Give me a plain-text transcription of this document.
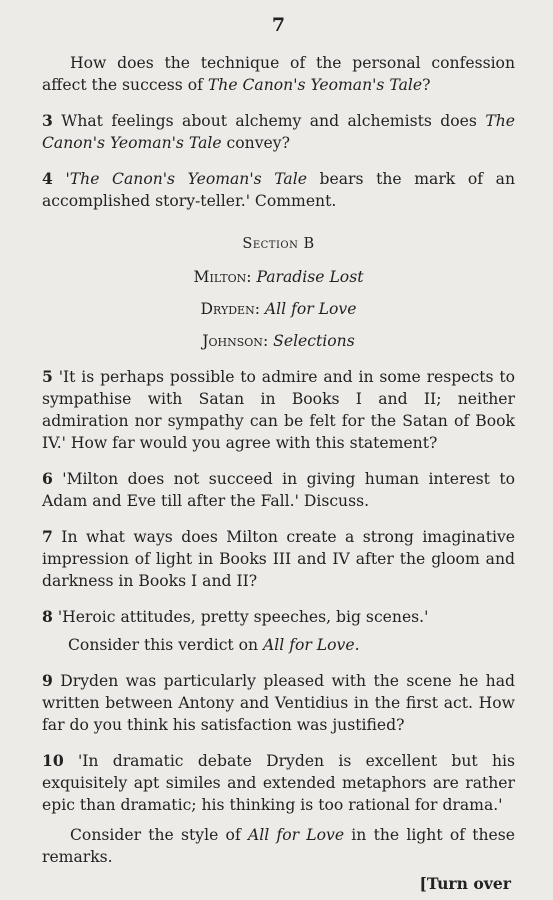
7

How does the technique of the personal confession affect the success of The Canon's Yeoman's Tale?

3 What feelings about alchemy and alchemists does The Canon's Yeoman's Tale convey?

4 'The Canon's Yeoman's Tale bears the mark of an accomplished story-teller.' Comment.

Section B
Milton: Paradise Lost
Dryden: All for Love
Johnson: Selections

5 'It is perhaps possible to admire and in some respects to sympathise with Satan in Books I and II; neither admiration nor sympathy can be felt for the Satan of Book IV.' How far would you agree with this statement?

6 'Milton does not succeed in giving human interest to Adam and Eve till after the Fall.' Discuss.

7 In what ways does Milton create a strong imaginative impression of light in Books III and IV after the gloom and darkness in Books I and II?

8 'Heroic attitudes, pretty speeches, big scenes.'

Consider this verdict on All for Love.

9 Dryden was particularly pleased with the scene he had written between Antony and Ventidius in the first act. How far do you think his satisfaction was justified?

10 'In dramatic debate Dryden is excellent but his exquisitely apt similes and extended metaphors are rather epic than dramatic; his thinking is too rational for drama.'

Consider the style of All for Love in the light of these remarks.

[Turn over
